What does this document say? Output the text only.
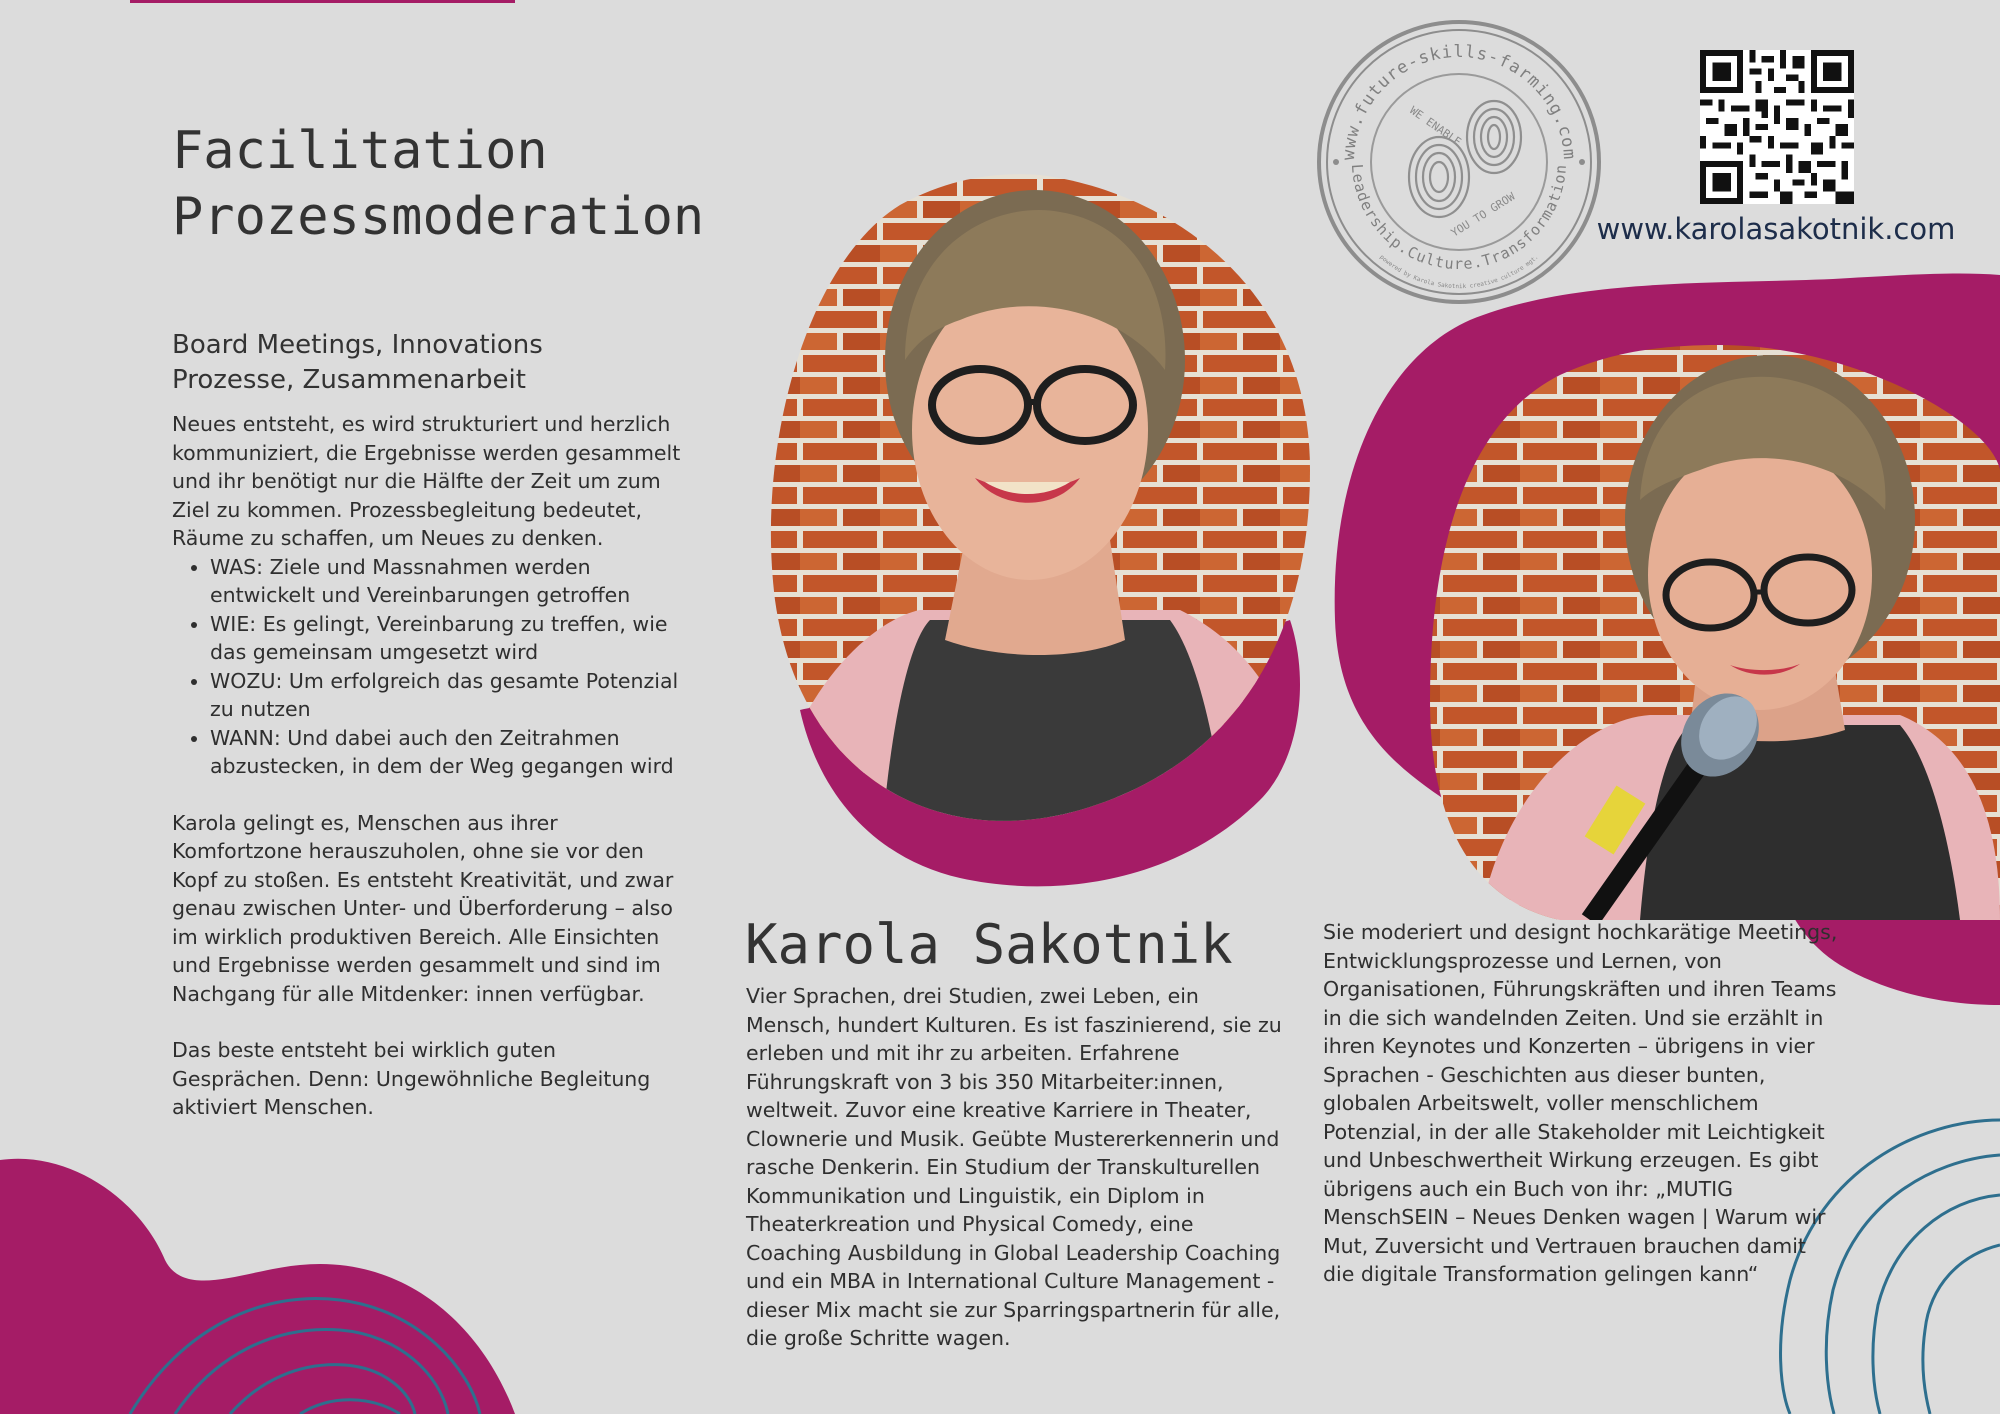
www.future-skills-farming.com
Leadership.Culture.Transformation
powered by Karola Sakotnik creative culture mgt.
WE ENABLE
YOU TO GROW	www.karolasakotnik.com
Facilitation
Prozessmoderation
Board Meetings, Innovations
Prozesse, Zusammenarbeit

Neues entsteht, es wird strukturiert und herzlich kommuniziert, die Ergebnisse werden gesammelt und ihr benötigt nur die Hälfte der Zeit um zum Ziel zu kommen. Prozessbegleitung bedeutet, Räume zu schaffen, um Neues zu denken.

• WAS: Ziele und Massnahmen werden entwickelt und Vereinbarungen getroffen
• WIE: Es gelingt, Vereinbarung zu treffen, wie das gemeinsam umgesetzt wird
• WOZU: Um erfolgreich das gesamte Potenzial zu nutzen
• WANN: Und dabei auch den Zeitrahmen abzustecken, in dem der Weg gegangen wird

Karola gelingt es, Menschen aus ihrer Komfortzone herauszuholen, ohne sie vor den Kopf zu stoßen. Es entsteht Kreativität, und zwar genau zwischen Unter- und Überforderung – also im wirklich produktiven Bereich. Alle Einsichten und Ergebnisse werden gesammelt und sind im Nachgang für alle Mitdenker: innen verfügbar.

Das beste entsteht bei wirklich guten Gesprächen. Denn: Ungewöhnliche Begleitung aktiviert Menschen.

Karola Sakotnik

Vier Sprachen, drei Studien, zwei Leben, ein Mensch, hundert Kulturen. Es ist faszinierend, sie zu erleben und mit ihr zu arbeiten. Erfahrene Führungskraft von 3 bis 350 Mitarbeiter:innen, weltweit. Zuvor eine kreative Karriere in Theater, Clownerie und Musik. Geübte Mustererkennerin und rasche Denkerin. Ein Studium der Transkulturellen Kommunikation und Linguistik, ein Diplom in Theaterkreation und Physical Comedy, eine Coaching Ausbildung in Global Leadership Coaching und ein MBA in International Culture Management - dieser Mix macht sie zur Sparringspartnerin für alle, die große Schritte wagen.

Sie moderiert und designt hochkarätige Meetings, Entwicklungsprozesse und Lernen, von Organisationen, Führungskräften und ihren Teams in die sich wandelnden Zeiten. Und sie erzählt in ihren Keynotes und Konzerten – übrigens in vier Sprachen - Geschichten aus dieser bunten, globalen Arbeitswelt, voller menschlichem Potenzial, in der alle Stakeholder mit Leichtigkeit und Unbeschwertheit Wirkung erzeugen. Es gibt übrigens auch ein Buch von ihr: „MUTIG MenschSEIN – Neues Denken wagen | Warum wir Mut, Zuversicht und Vertrauen brauchen damit die digitale Transformation gelingen kann“
